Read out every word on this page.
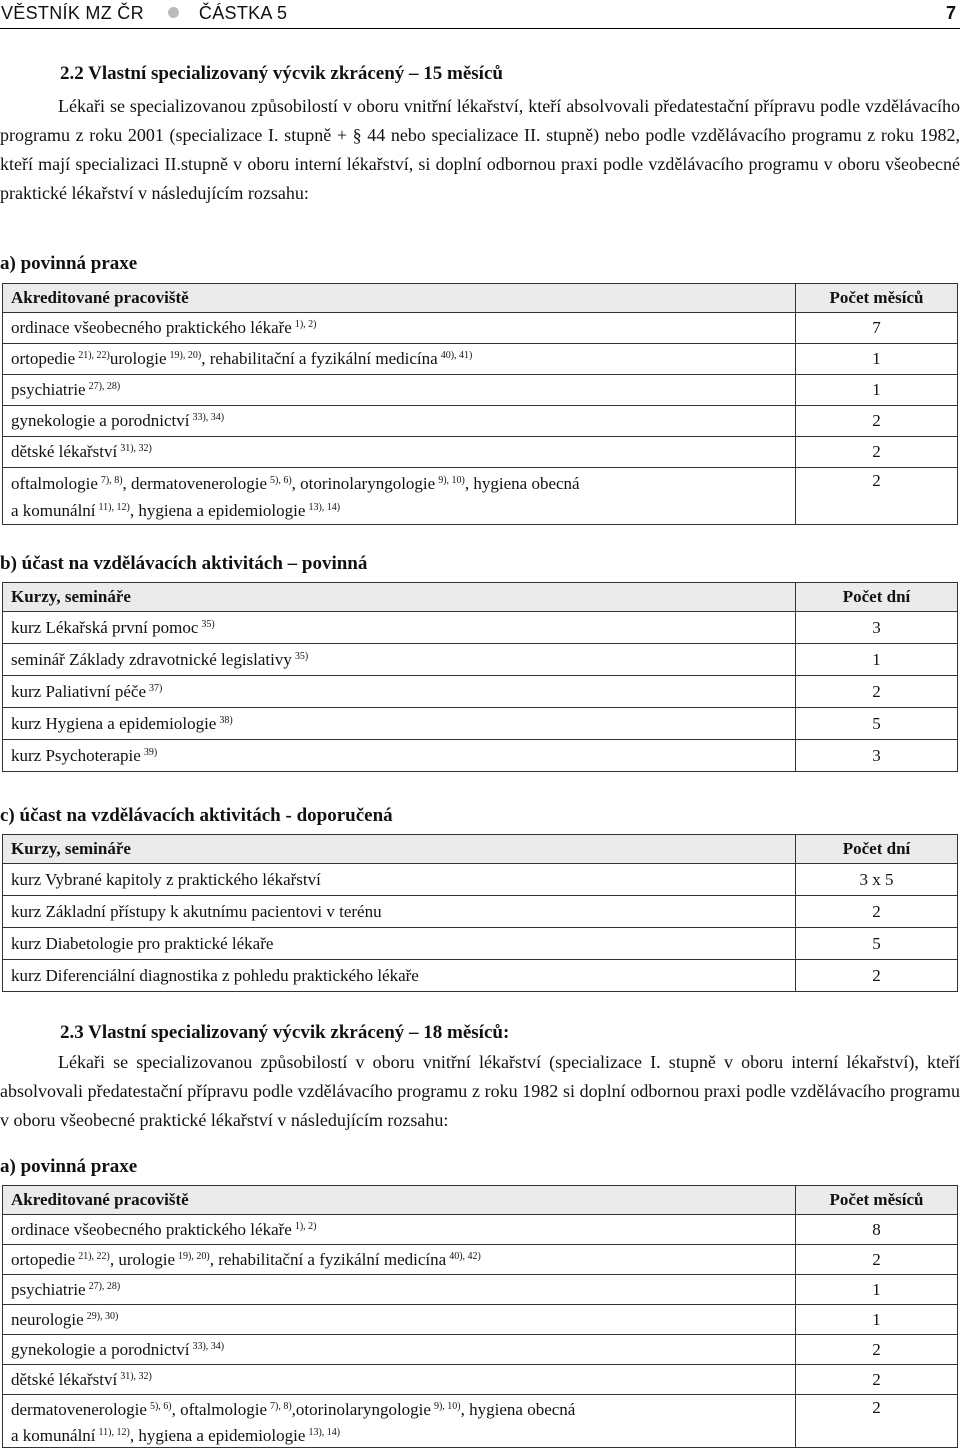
VĚSTNÍK MZ ČR	ČÁSTKA 5	7
2.2 Vlastní specializovaný výcvik zkrácený – 15 měsíců

Lékaři se specializovanou způsobilostí v oboru vnitřní lékařství, kteří absolvovali předatestační přípravu podle vzdělávacího programu z roku 2001 (specializace I. stupně + § 44 nebo specializace II. stupně) nebo podle vzdělávacího programu z roku 1982, kteří mají specializaci II.stupně v oboru interní lékařství, si doplní odbornou praxi podle vzdělávacího programu v oboru všeobecné praktické lékařství v následujícím rozsahu:

a) povinná praxe
Akreditované pracoviště	Počet měsíců
ordinace všeobecného praktického lékaře $^{1), 2)}$	7
ortopedie $^{21), 22)}$urologie $^{19), 20)}$, rehabilitační a fyzikální medicína $^{40), 41)}$	1
psychiatrie $^{27), 28)}$	1
gynekologie a porodnictví $^{33), 34)}$	2
dětské lékařství $^{31), 32)}$	2
oftalmologie $^{7), 8)}$, dermatovenerologie $^{5), 6)}$, otorinolaryngologie $^{9), 10)}$, hygiena obecná
a komunální $^{11), 12)}$, hygiena a epidemiologie $^{13), 14)}$	2
b) účast na vzdělávacích aktivitách – povinná
Kurzy, semináře	Počet dní
kurz Lékařská první pomoc $^{35)}$	3
seminář Základy zdravotnické legislativy $^{35)}$	1
kurz Paliativní péče $^{37)}$	2
kurz Hygiena a epidemiologie $^{38)}$	5
kurz Psychoterapie $^{39)}$	3
c) účast na vzdělávacích aktivitách - doporučená
Kurzy, semináře	Počet dní
kurz Vybrané kapitoly z praktického lékařství	3 x 5
kurz Základní přístupy k akutnímu pacientovi v terénu	2
kurz Diabetologie pro praktické lékaře	5
kurz Diferenciální diagnostika z pohledu praktického lékaře	2
2.3 Vlastní specializovaný výcvik zkrácený – 18 měsíců:

Lékaři se specializovanou způsobilostí v oboru vnitřní lékařství (specializace I. stupně v oboru interní lékařství), kteří absolvovali předatestační přípravu podle vzdělávacího programu z roku 1982 si doplní odbornou praxi podle vzdělávacího programu v oboru všeobecné praktické lékařství v následujícím rozsahu:

a) povinná praxe
Akreditované pracoviště	Počet měsíců
ordinace všeobecného praktického lékaře $^{1), 2)}$	8
ortopedie $^{21), 22)}$, urologie $^{19), 20)}$, rehabilitační a fyzikální medicína $^{40), 42)}$	2
psychiatrie $^{27), 28)}$	1
neurologie $^{29), 30)}$	1
gynekologie a porodnictví $^{33), 34)}$	2
dětské lékařství $^{31), 32)}$	2
dermatovenerologie $^{5), 6)}$, oftalmologie $^{7), 8)}$,otorinolaryngologie $^{9), 10)}$, hygiena obecná
a komunální $^{11), 12)}$, hygiena a epidemiologie $^{13), 14)}$	2
